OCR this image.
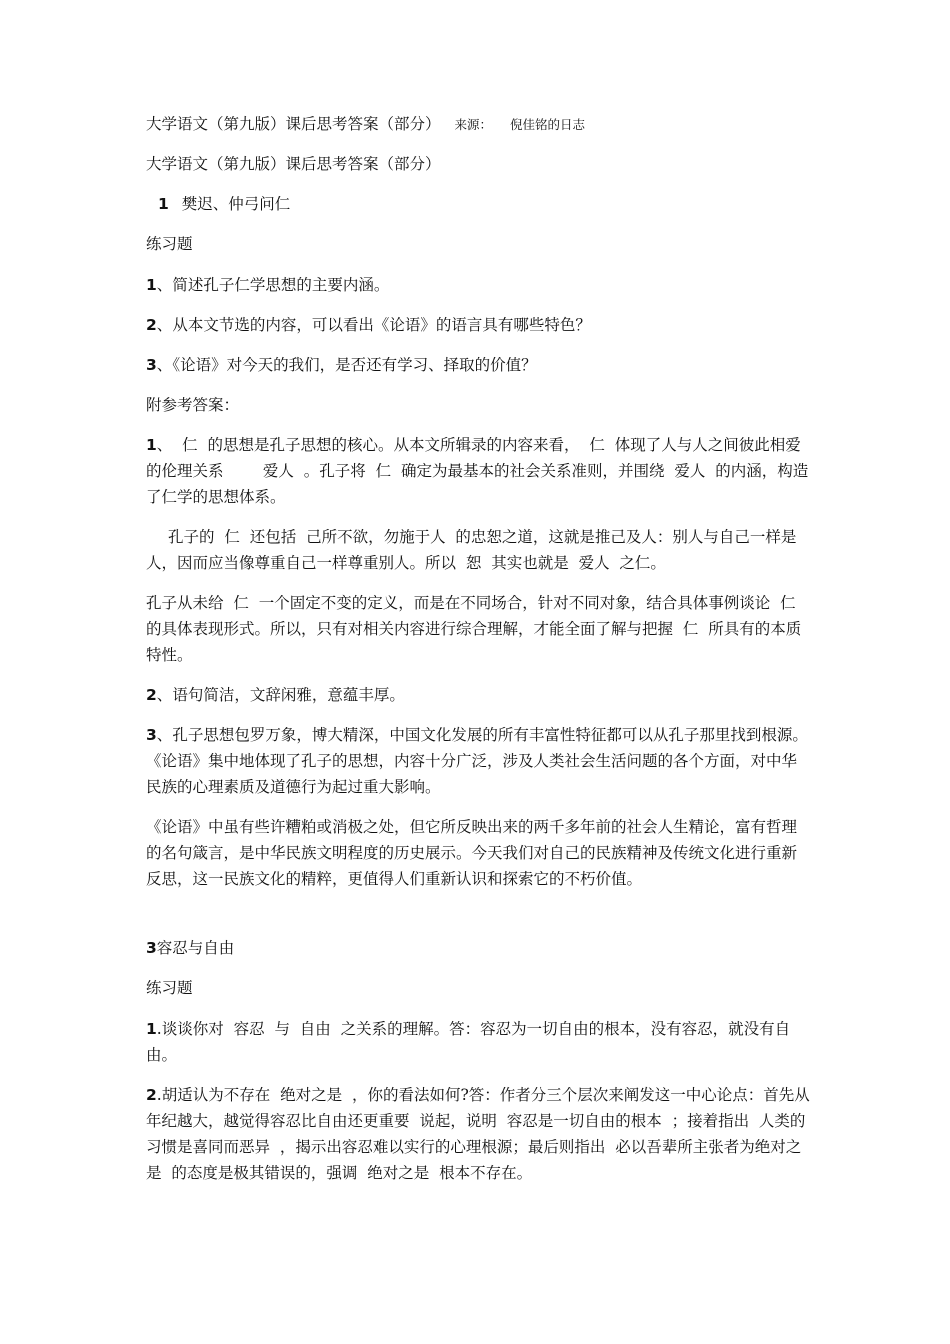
大学语文（第九版）课后思考答案（部分） 来源： 倪佳铭的日志
大学语文（第九版）课后思考答案（部分）
1 樊迟、仲弓问仁
练习题

1、简述孔子仁学思想的主要内涵。

2、从本文节选的内容，可以看出《论语》的语言具有哪些特色？

3、《论语》对今天的我们，是否还有学习、择取的价值？

附参考答案：

1、  仁  的思想是孔子思想的核心。从本文所辑录的内容来看，  仁  体现了人与人之间彼此相爱的伦理关系        爱人  。孔子将  仁  确定为最基本的社会关系准则，并围绕  爱人  的内涵，构造了仁学的思想体系。

孔子的  仁  还包括  己所不欲，勿施于人  的忠恕之道，这就是推己及人：别人与自己一样是人，因而应当像尊重自己一样尊重别人。所以  恕  其实也就是  爱人  之仁。

孔子从未给  仁  一个固定不变的定义，而是在不同场合，针对不同对象，结合具体事例谈论  仁  的具体表现形式。所以，只有对相关内容进行综合理解，才能全面了解与把握  仁  所具有的本质特性。

2、语句简洁，文辞闲雅，意蕴丰厚。

3、孔子思想包罗万象，博大精深，中国文化发展的所有丰富性特征都可以从孔子那里找到根源。《论语》集中地体现了孔子的思想，内容十分广泛，涉及人类社会生活问题的各个方面，对中华民族的心理素质及道德行为起过重大影响。

《论语》中虽有些许糟粕或消极之处，但它所反映出来的两千多年前的社会人生精论，富有哲理的名句箴言，是中华民族文明程度的历史展示。今天我们对自己的民族精神及传统文化进行重新反思，这一民族文化的精粹，更值得人们重新认识和探索它的不朽价值。

3容忍与自由
练习题

1.谈谈你对  容忍  与  自由  之关系的理解。答：容忍为一切自由的根本，没有容忍，就没有自由。

2.胡适认为不存在  绝对之是  ，你的看法如何?答：作者分三个层次来阐发这一中心论点：首先从  年纪越大，越觉得容忍比自由还更重要  说起，说明  容忍是一切自由的根本  ；接着指出  人类的习惯是喜同而恶异  ，揭示出容忍难以实行的心理根源；最后则指出  必以吾辈所主张者为绝对之是  的态度是极其错误的，强调  绝对之是  根本不存在。
